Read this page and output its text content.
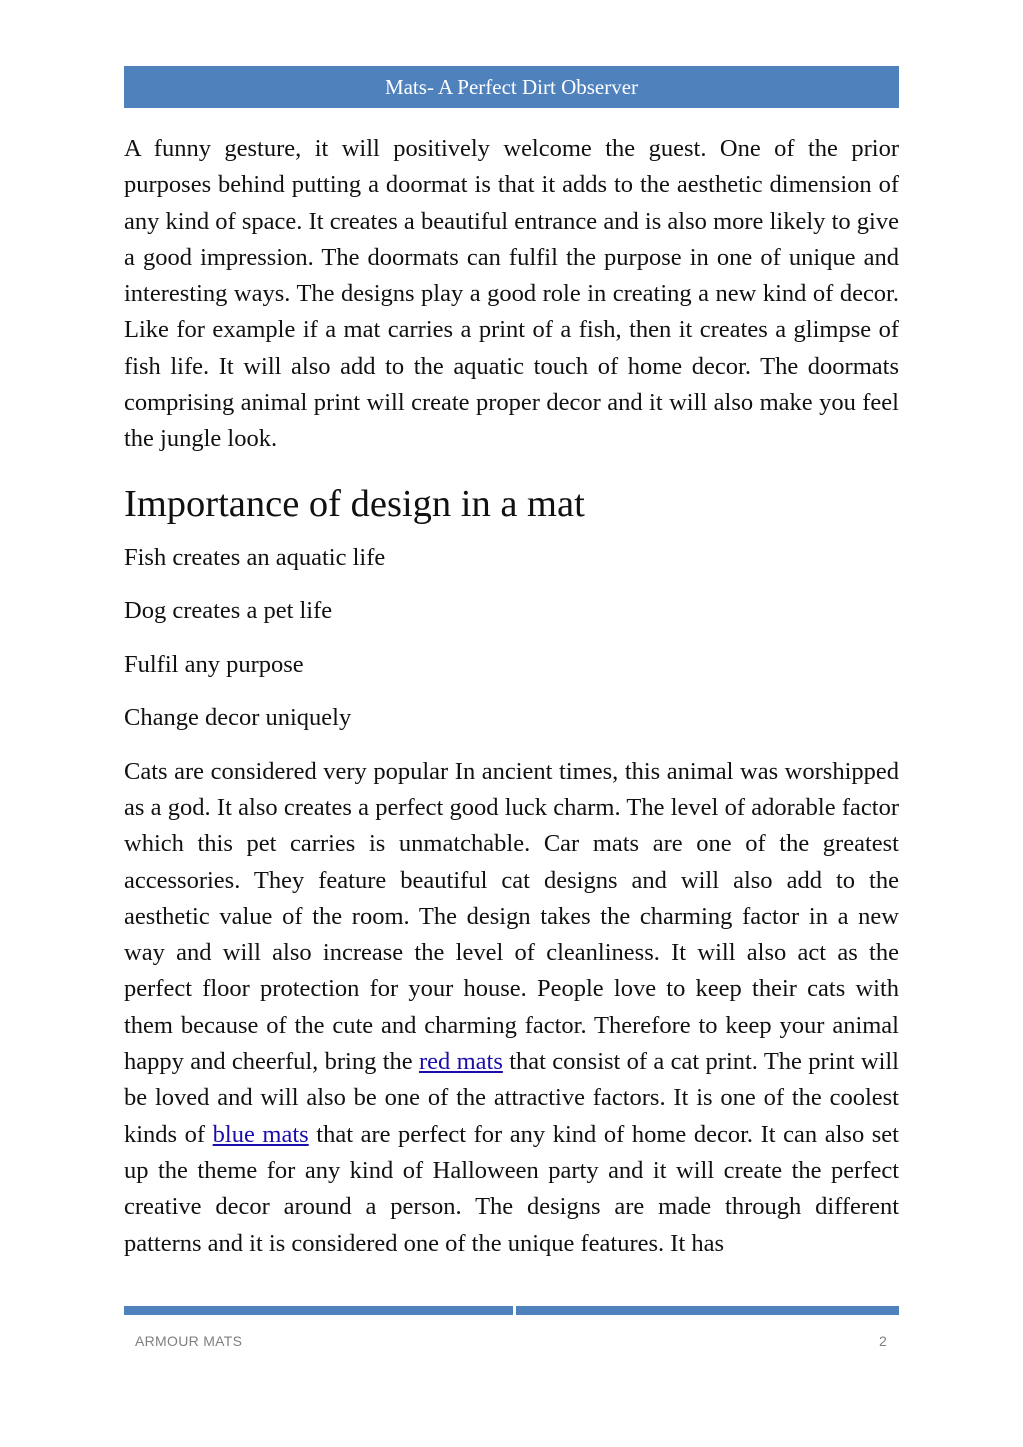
Mats- A Perfect Dirt Observer

A funny gesture, it will positively welcome the guest. One of the prior purposes behind putting a doormat is that it adds to the aesthetic dimension of any kind of space. It creates a beautiful entrance and is also more likely to give a good impression. The doormats can fulfil the purpose in one of unique and interesting ways. The designs play a good role in creating a new kind of decor. Like for example if a mat carries a print of a fish, then it creates a glimpse of fish life. It will also add to the aquatic touch of home decor. The doormats comprising animal print will create proper decor and it will also make you feel the jungle look.

Importance of design in a mat
Fish creates an aquatic life
Dog creates a pet life
Fulfil any purpose
Change decor uniquely

Cats are considered very popular In ancient times, this animal was worshipped as a god. It also creates a perfect good luck charm. The level of adorable factor which this pet carries is unmatchable. Car mats are one of the greatest accessories. They feature beautiful cat designs and will also add to the aesthetic value of the room. The design takes the charming factor in a new way and will also increase the level of cleanliness. It will also act as the perfect floor protection for your house. People love to keep their cats with them because of the cute and charming factor. Therefore to keep your animal happy and cheerful, bring the red mats that consist of a cat print. The print will be loved and will also be one of the attractive factors. It is one of the coolest kinds of blue mats that are perfect for any kind of home decor. It can also set up the theme for any kind of Halloween party and it will create the perfect creative decor around a person. The designs are made through different patterns and it is considered one of the unique features. It has

ARMOUR MATS	2
